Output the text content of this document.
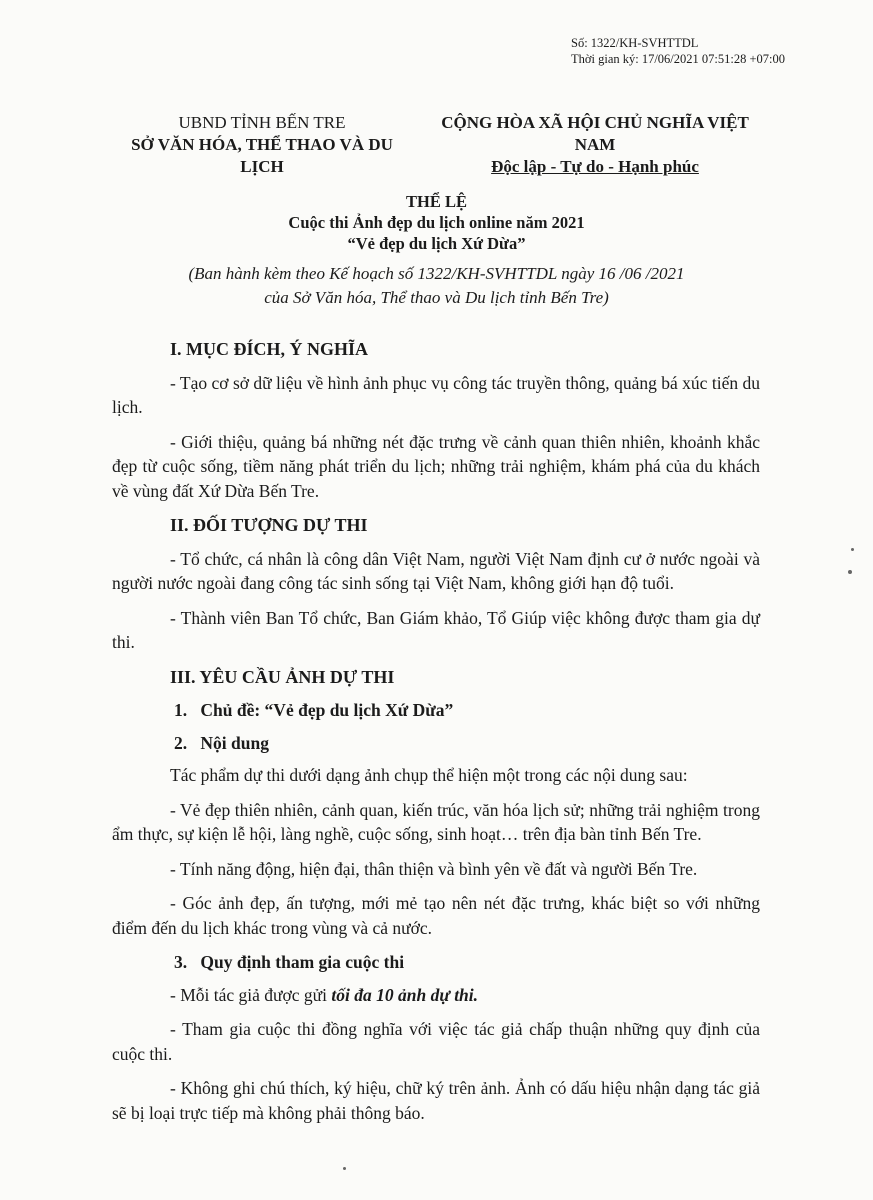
Số: 1322/KH-SVHTTDL
Thời gian ký: 17/06/2021 07:51:28 +07:00
UBND TỈNH BẾN TRE
SỞ VĂN HÓA, THỂ THAO VÀ DU LỊCH
CỘNG HÒA XÃ HỘI CHỦ NGHĨA VIỆT NAM
Độc lập - Tự do - Hạnh phúc
THỂ LỆ
Cuộc thi Ảnh đẹp du lịch online năm 2021
“Vẻ đẹp du lịch Xứ Dừa”
(Ban hành kèm theo Kế hoạch số 1322/KH-SVHTTDL ngày 16 /06 /2021
của Sở Văn hóa, Thể thao và Du lịch tỉnh Bến Tre)
I. MỤC ĐÍCH, Ý NGHĨA
- Tạo cơ sở dữ liệu về hình ảnh phục vụ công tác truyền thông, quảng bá xúc tiến du lịch.
- Giới thiệu, quảng bá những nét đặc trưng về cảnh quan thiên nhiên, khoảnh khắc đẹp từ cuộc sống, tiềm năng phát triển du lịch; những trải nghiệm, khám phá của du khách về vùng đất Xứ Dừa Bến Tre.
II. ĐỐI TƯỢNG DỰ THI
- Tổ chức, cá nhân là công dân Việt Nam, người Việt Nam định cư ở nước ngoài và người nước ngoài đang công tác sinh sống tại Việt Nam, không giới hạn độ tuổi.
- Thành viên Ban Tổ chức, Ban Giám khảo, Tổ Giúp việc không được tham gia dự thi.
III. YÊU CẦU ẢNH DỰ THI
1. Chủ đề: “Vẻ đẹp du lịch Xứ Dừa”
2. Nội dung
Tác phẩm dự thi dưới dạng ảnh chụp thể hiện một trong các nội dung sau:
- Vẻ đẹp thiên nhiên, cảnh quan, kiến trúc, văn hóa lịch sử; những trải nghiệm trong ẩm thực, sự kiện lễ hội, làng nghề, cuộc sống, sinh hoạt… trên địa bàn tỉnh Bến Tre.
- Tính năng động, hiện đại, thân thiện và bình yên về đất và người Bến Tre.
- Góc ảnh đẹp, ấn tượng, mới mẻ tạo nên nét đặc trưng, khác biệt so với những điểm đến du lịch khác trong vùng và cả nước.
3. Quy định tham gia cuộc thi
- Mỗi tác giả được gửi tối đa 10 ảnh dự thi.
- Tham gia cuộc thi đồng nghĩa với việc tác giả chấp thuận những quy định của cuộc thi.
- Không ghi chú thích, ký hiệu, chữ ký trên ảnh. Ảnh có dấu hiệu nhận dạng tác giả sẽ bị loại trực tiếp mà không phải thông báo.
